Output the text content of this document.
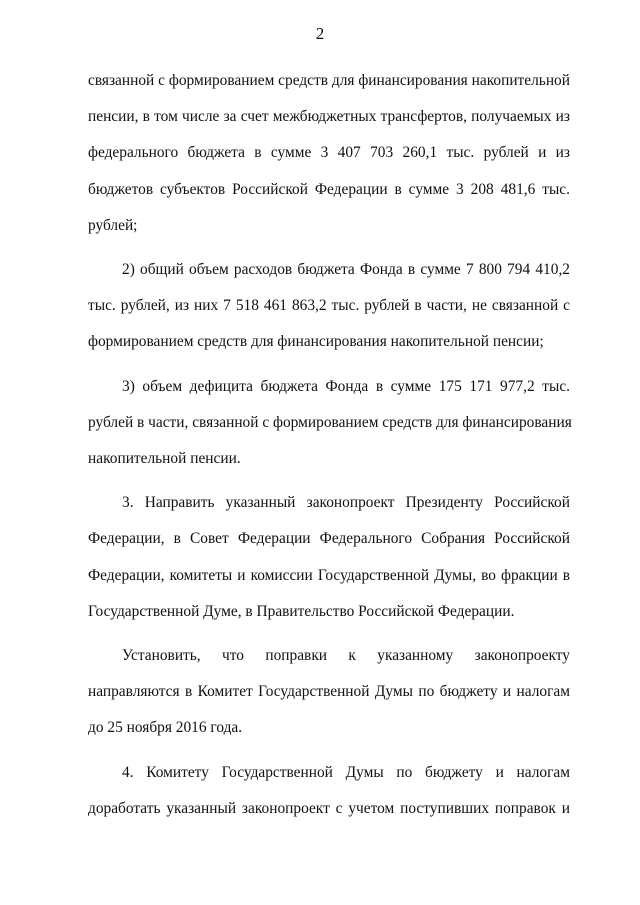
2
связанной с формированием средств для финансирования накопительной
пенсии, в том числе за счет межбюджетных трансфертов, получаемых из
федерального бюджета в сумме 3 407 703 260,1 тыс. рублей и из
бюджетов субъектов Российской Федерации в сумме 3 208 481,6 тыс.
рублей;
2) общий объем расходов бюджета Фонда в сумме 7 800 794 410,2
тыс. рублей, из них 7 518 461 863,2 тыс. рублей в части, не связанной с
формированием средств для финансирования накопительной пенсии;
3) объем дефицита бюджета Фонда в сумме 175 171 977,2 тыс.
рублей в части, связанной с формированием средств для финансирования
накопительной пенсии.
3. Направить указанный законопроект Президенту Российской
Федерации, в Совет Федерации Федерального Собрания Российской
Федерации, комитеты и комиссии Государственной Думы, во фракции в
Государственной Думе, в Правительство Российской Федерации.
Установить, что поправки к указанному законопроекту
направляются в Комитет Государственной Думы по бюджету и налогам
до 25 ноября 2016 года.
4. Комитету Государственной Думы по бюджету и налогам
доработать указанный законопроект с учетом поступивших поправок и
